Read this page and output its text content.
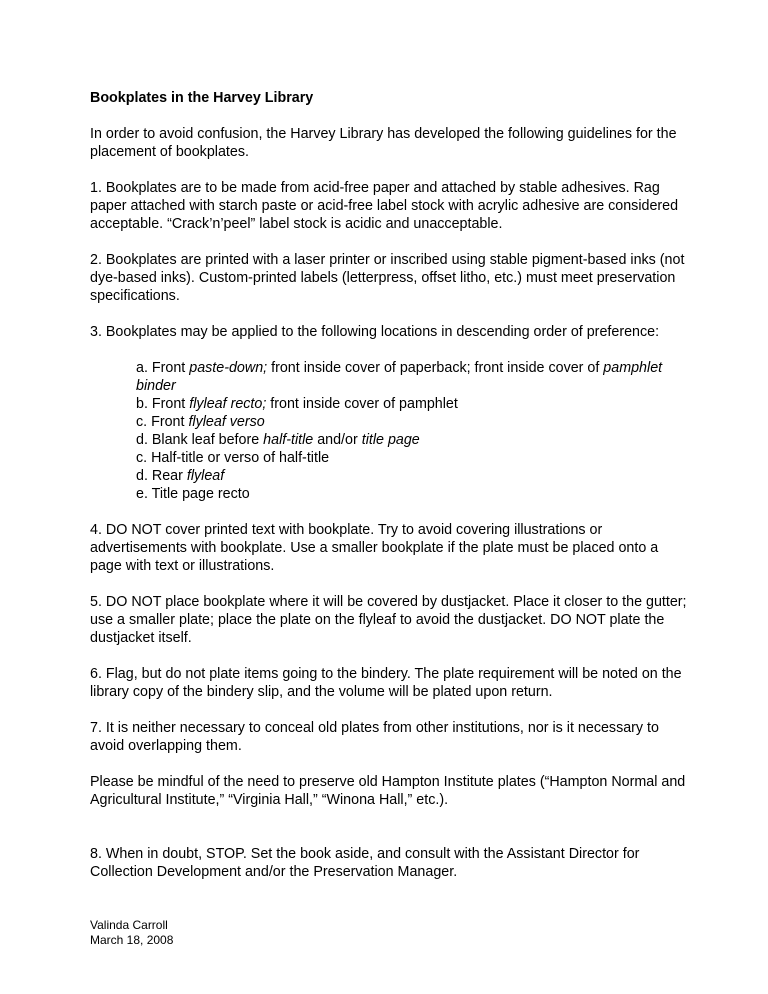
Bookplates in the Harvey Library

In order to avoid confusion, the Harvey Library has developed the following guidelines for the placement of bookplates.

1. Bookplates are to be made from acid-free paper and attached by stable adhesives. Rag paper attached with starch paste or acid-free label stock with acrylic adhesive are considered acceptable. “Crack’n’peel” label stock is acidic and unacceptable.

2. Bookplates are printed with a laser printer or inscribed using stable pigment-based inks (not dye-based inks). Custom-printed labels (letterpress, offset litho, etc.) must meet preservation specifications.

3. Bookplates may be applied to the following locations in descending order of preference:

a. Front paste-down; front inside cover of paperback; front inside cover of pamphlet binder
b. Front flyleaf recto; front inside cover of pamphlet
c. Front flyleaf verso
d. Blank leaf before half-title and/or title page
c. Half-title or verso of half-title
d. Rear flyleaf
e. Title page recto

4. DO NOT cover printed text with bookplate. Try to avoid covering illustrations or advertisements with bookplate. Use a smaller bookplate if the plate must be placed onto a page with text or illustrations.

5. DO NOT place bookplate where it will be covered by dustjacket. Place it closer to the gutter; use a smaller plate; place the plate on the flyleaf to avoid the dustjacket. DO NOT plate the dustjacket itself.

6. Flag, but do not plate items going to the bindery. The plate requirement will be noted on the library copy of the bindery slip, and the volume will be plated upon return.

7. It is neither necessary to conceal old plates from other institutions, nor is it necessary to avoid overlapping them.

Please be mindful of the need to preserve old Hampton Institute plates (“Hampton Normal and Agricultural Institute,” “Virginia Hall,” “Winona Hall,” etc.).

8. When in doubt, STOP. Set the book aside, and consult with the Assistant Director for Collection Development and/or the Preservation Manager.

Valinda Carroll
March 18, 2008
